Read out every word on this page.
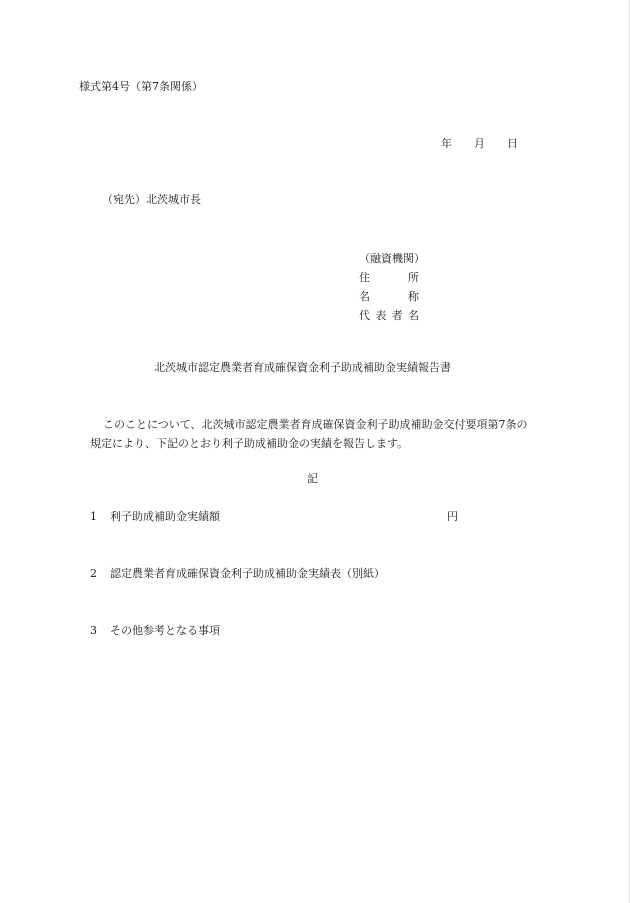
様式第4号（第7条関係）
年 月 日
（宛先）北茨城市長
（融資機関）
住　所
名　称
代表者名
北茨城市認定農業者育成確保資金利子助成補助金実績報告書

このことについて、北茨城市認定農業者育成確保資金利子助成補助金交付要項第7条の

規定により、下記のとおり利子助成補助金の実績を報告します。

記
1 利子助成補助金実績額	円
2 認定農業者育成確保資金利子助成補助金実績表（別紙）
3 その他参考となる事項
